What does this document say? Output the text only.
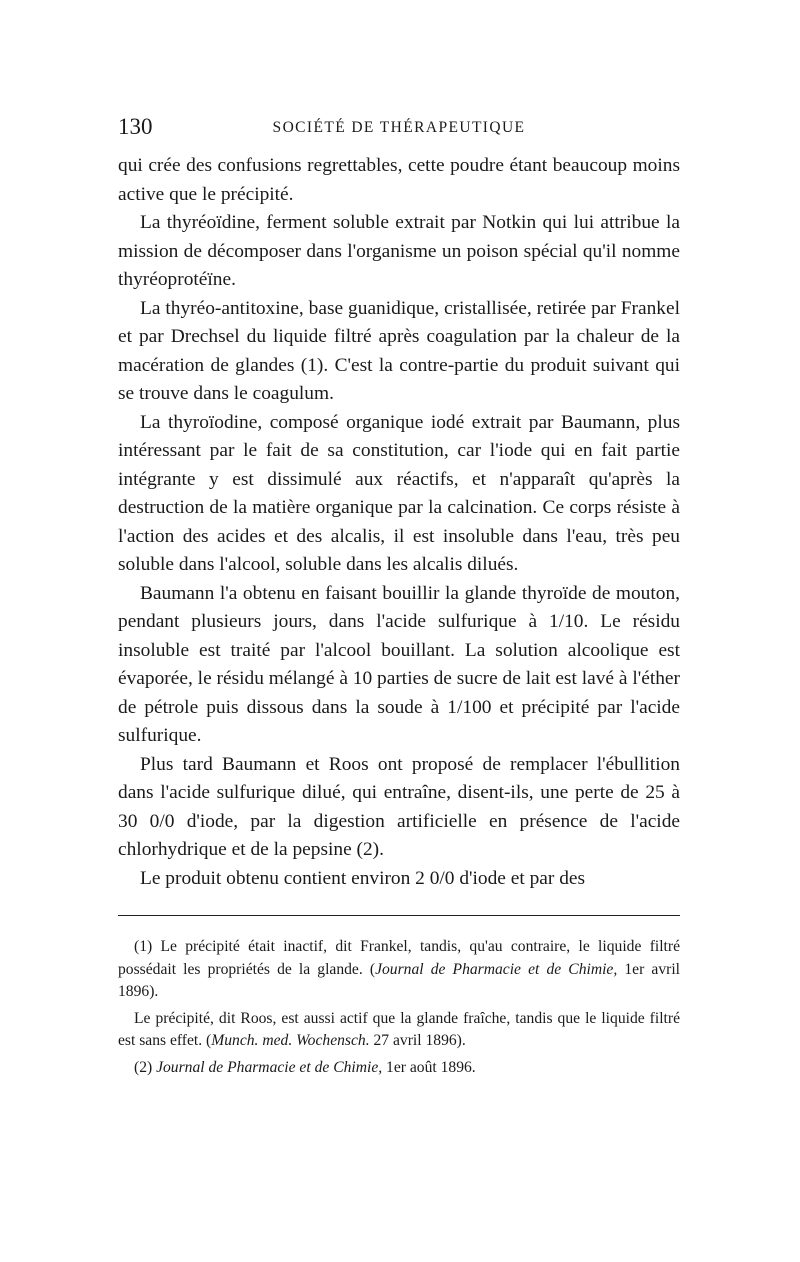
130	SOCIÉTÉ DE THÉRAPEUTIQUE

qui crée des confusions regrettables, cette poudre étant beaucoup moins active que le précipité.

La thyréoïdine, ferment soluble extrait par Notkin qui lui attribue la mission de décomposer dans l'organisme un poison spécial qu'il nomme thyréoprotéïne.

La thyréo-antitoxine, base guanidique, cristallisée, retirée par Frankel et par Drechsel du liquide filtré après coagulation par la chaleur de la macération de glandes (1). C'est la contre-partie du produit suivant qui se trouve dans le coagulum.

La thyroïodine, composé organique iodé extrait par Baumann, plus intéressant par le fait de sa constitution, car l'iode qui en fait partie intégrante y est dissimulé aux réactifs, et n'apparaît qu'après la destruction de la matière organique par la calcination. Ce corps résiste à l'action des acides et des alcalis, il est insoluble dans l'eau, très peu soluble dans l'alcool, soluble dans les alcalis dilués.

Baumann l'a obtenu en faisant bouillir la glande thyroïde de mouton, pendant plusieurs jours, dans l'acide sulfurique à 1/10. Le résidu insoluble est traité par l'alcool bouillant. La solution alcoolique est évaporée, le résidu mélangé à 10 parties de sucre de lait est lavé à l'éther de pétrole puis dissous dans la soude à 1/100 et précipité par l'acide sulfurique.

Plus tard Baumann et Roos ont proposé de remplacer l'ébullition dans l'acide sulfurique dilué, qui entraîne, disent-ils, une perte de 25 à 30 0/0 d'iode, par la digestion artificielle en présence de l'acide chlorhydrique et de la pepsine (2).

Le produit obtenu contient environ 2 0/0 d'iode et par des

(1) Le précipité était inactif, dit Frankel, tandis, qu'au contraire, le liquide filtré possédait les propriétés de la glande. (Journal de Pharmacie et de Chimie, 1er avril 1896).

Le précipité, dit Roos, est aussi actif que la glande fraîche, tandis que le liquide filtré est sans effet. (Munch. med. Wochensch. 27 avril 1896).

(2) Journal de Pharmacie et de Chimie, 1er août 1896.
